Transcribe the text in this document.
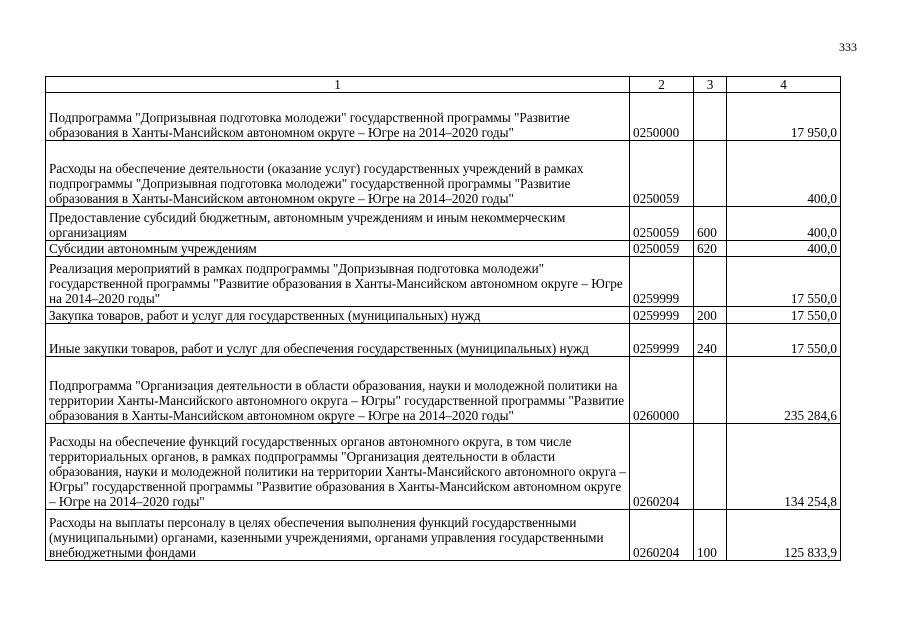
333
1	2	3	4
Подпрограмма "Допризывная подготовка молодежи" государственной программы "Развитие образования в Ханты-Мансийском автономном округе – Югре на 2014–2020 годы"	0250000		17 950,0
Расходы на обеспечение деятельности (оказание услуг) государственных учреждений в рамках подпрограммы "Допризывная подготовка молодежи" государственной программы "Развитие образования в Ханты-Мансийском автономном округе – Югре на 2014–2020 годы"	0250059		400,0
Предоставление субсидий бюджетным, автономным учреждениям и иным некоммерческим организациям	0250059	600	400,0
Субсидии автономным учреждениям	0250059	620	400,0
Реализация мероприятий в рамках подпрограммы "Допризывная подготовка молодежи" государственной программы "Развитие образования в Ханты-Мансийском автономном округе – Югре на 2014–2020 годы"	0259999		17 550,0
Закупка товаров, работ и услуг для государственных (муниципальных) нужд	0259999	200	17 550,0
Иные закупки товаров, работ и услуг для обеспечения государственных (муниципальных) нужд	0259999	240	17 550,0
Подпрограмма "Организация деятельности в области образования, науки и молодежной политики на территории Ханты-Мансийского автономного округа – Югры" государственной программы "Развитие образования в Ханты-Мансийском автономном округе – Югре на 2014–2020 годы"	0260000		235 284,6
Расходы на обеспечение функций государственных органов автономного округа, в том числе территориальных органов, в рамках подпрограммы "Организация деятельности в области образования, науки и молодежной политики на территории Ханты-Мансийского автономного округа – Югры" государственной программы "Развитие образования в Ханты-Мансийском автономном округе – Югре на 2014–2020 годы"	0260204		134 254,8
Расходы на выплаты персоналу в целях обеспечения выполнения функций государственными (муниципальными) органами, казенными учреждениями, органами управления государственными внебюджетными фондами	0260204	100	125 833,9
